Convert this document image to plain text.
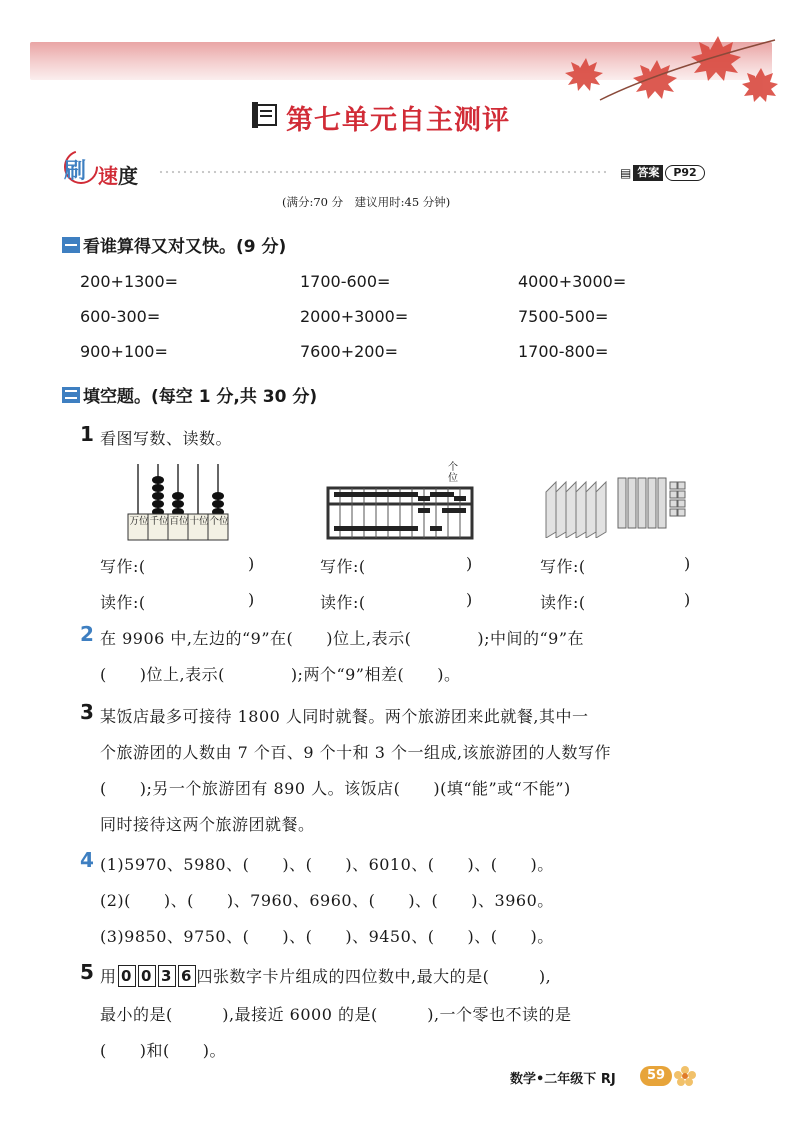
第七单元自主测评
刷 速度	▤ 答案	P92
(满分:70 分　建议用时:45 分钟)
看谁算得又对又快。(9 分)
200+1300=	1700-600=	4000+3000=
600-300=	2000+3000=	7500-500=
900+100=	7600+200=	1700-800=
填空题。(每空 1 分,共 30 分)
1 看图写数、读数。
万位 千位 百位 十位 个位
个位
写作:(	)	写作:(	)	写作:(	)
读作:(	)	读作:(	)	读作:(	)
2 在 9906 中,左边的“9”在(　　)位上,表示(　　　　);中间的“9”在
(　　)位上,表示(　　　　);两个“9”相差(　　)。
3 某饭店最多可接待 1800 人同时就餐。两个旅游团来此就餐,其中一
个旅游团的人数由 7 个百、9 个十和 3 个一组成,该旅游团的人数写作
(　　);另一个旅游团有 890 人。该饭店(　　)(填“能”或“不能”)
同时接待这两个旅游团就餐。
4 (1)5970、5980、(　　)、(　　)、6010、(　　)、(　　)。
(2)(　　)、(　　)、7960、6960、(　　)、(　　)、3960。
(3)9850、9750、(　　)、(　　)、9450、(　　)、(　　)。
5 用 0 0 3 6 四张数字卡片组成的四位数中,最大的是(　　　),
最小的是(　　　),最接近 6000 的是(　　　),一个零也不读的是
(　　)和(　　)。
数学•二年级下 RJ	59
